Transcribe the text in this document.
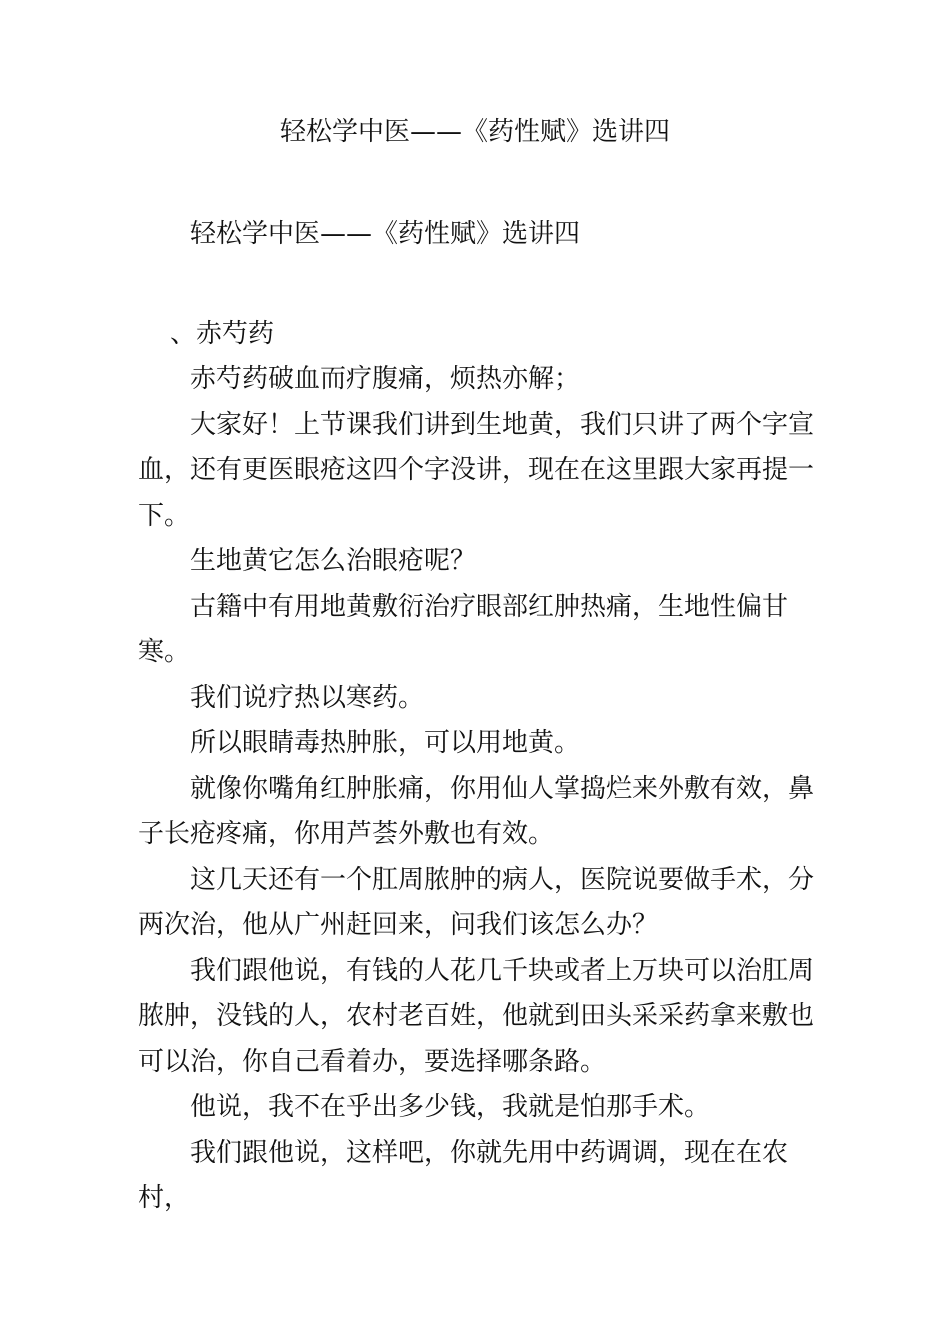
轻松学中医——《药性赋》选讲四

轻松学中医——《药性赋》选讲四

、赤芍药

赤芍药破血而疗腹痛，烦热亦解；

大家好！上节课我们讲到生地黄，我们只讲了两个字宣血，还有更医眼疮这四个字没讲，现在在这里跟大家再提一下。

生地黄它怎么治眼疮呢？

古籍中有用地黄敷衍治疗眼部红肿热痛，生地性偏甘寒。

我们说疗热以寒药。

所以眼睛毒热肿胀，可以用地黄。

就像你嘴角红肿胀痛，你用仙人掌捣烂来外敷有效，鼻子长疮疼痛，你用芦荟外敷也有效。

这几天还有一个肛周脓肿的病人，医院说要做手术，分两次治，他从广州赶回来，问我们该怎么办？

我们跟他说，有钱的人花几千块或者上万块可以治肛周脓肿，没钱的人，农村老百姓，他就到田头采采药拿来敷也可以治，你自己看着办，要选择哪条路。

他说，我不在乎出多少钱，我就是怕那手术。

我们跟他说，这样吧，你就先用中药调调，现在在农村，
